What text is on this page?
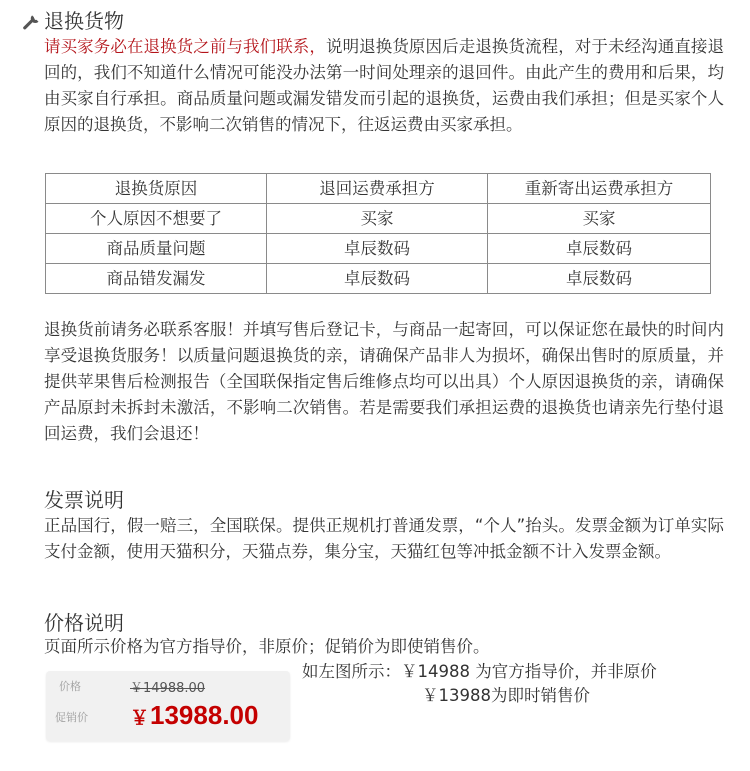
退换货物
请买家务必在退换货之前与我们联系，说明退换货原因后走退换货流程，对于未经沟通直接退回的，我们不知道什么情况可能没办法第一时间处理亲的退回件。由此产生的费用和后果，均由买家自行承担。商品质量问题或漏发错发而引起的退换货，运费由我们承担；但是买家个人原因的退换货，不影响二次销售的情况下，往返运费由买家承担。
退换货原因	退回运费承担方	重新寄出运费承担方
个人原因不想要了	买家	买家
商品质量问题	卓辰数码	卓辰数码
商品错发漏发	卓辰数码	卓辰数码
退换货前请务必联系客服！并填写售后登记卡，与商品一起寄回，可以保证您在最快的时间内享受退换货服务！以质量问题退换货的亲，请确保产品非人为损坏，确保出售时的原质量，并提供苹果售后检测报告（全国联保指定售后维修点均可以出具）个人原因退换货的亲，请确保产品原封未拆封未激活，不影响二次销售。若是需要我们承担运费的退换货也请亲先行垫付退回运费，我们会退还！
发票说明
正品国行，假一赔三，全国联保。提供正规机打普通发票，“个人”抬头。发票金额为订单实际支付金额，使用天猫积分，天猫点券，集分宝，天猫红包等冲抵金额不计入发票金额。
价格说明
页面所示价格为官方指导价，非原价；促销价为即使销售价。
价格	￥14988.00
促销价 ￥13988.00
如左图所示：￥14988 为官方指导价，并非原价
￥13988为即时销售价
